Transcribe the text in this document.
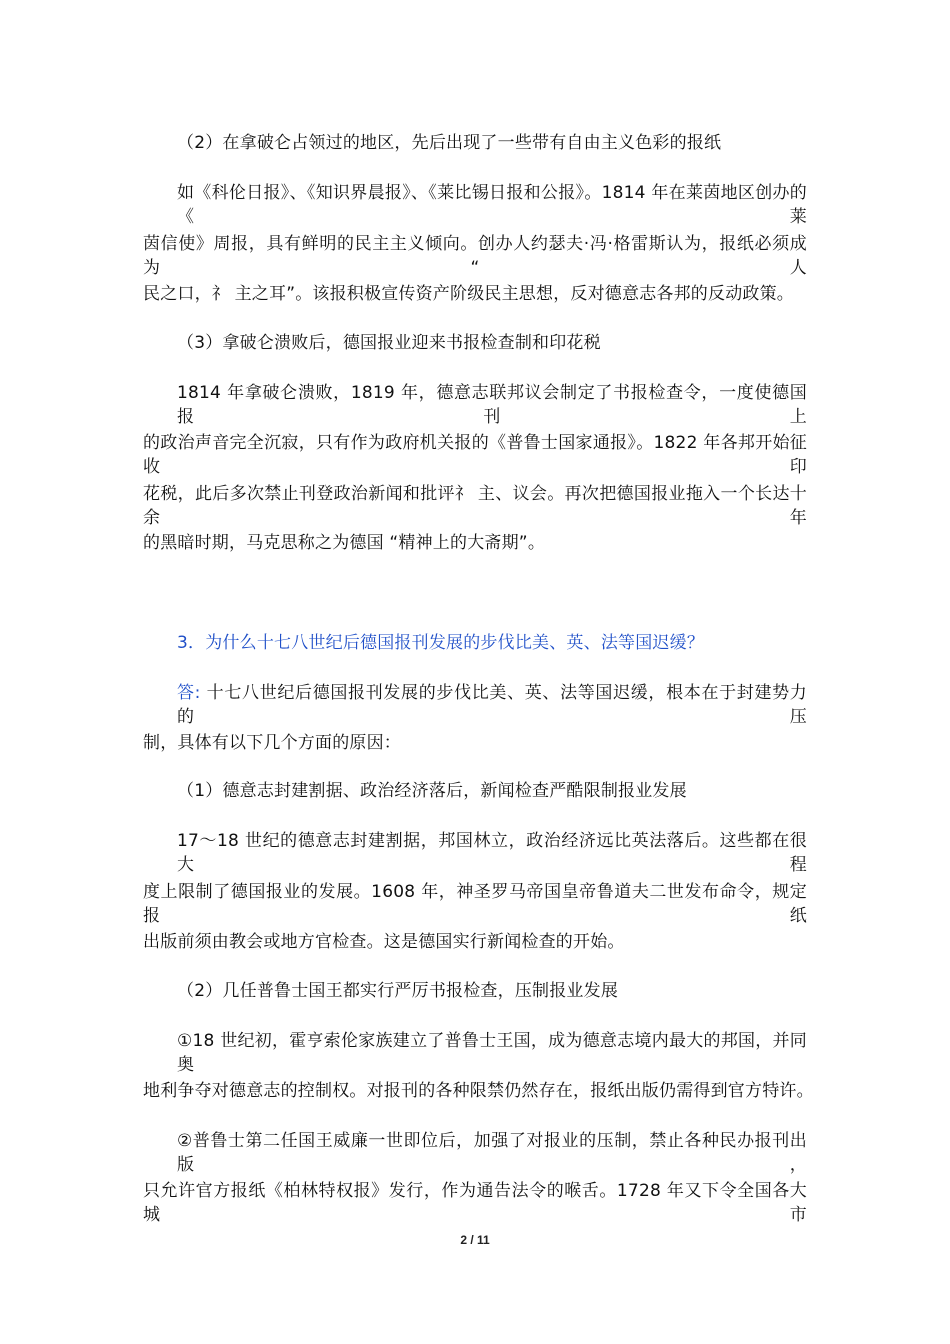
（2）在拿破仑占领过的地区，先后出现了一些带有自由主义色彩的报纸
如《科伦日报》、《知识界晨报》、《莱比锡日报和公报》。1814 年在莱茵地区创办的《莱
茵信使》周报，具有鲜明的民主主义倾向。创办人约瑟夫·冯·格雷斯认为，报纸必须成为“人
民之口，礻 主之耳”。该报积极宣传资产阶级民主思想，反对德意志各邦的反动政策。
（3）拿破仑溃败后，德国报业迎来书报检查制和印花税
1814 年拿破仑溃败，1819 年，德意志联邦议会制定了书报检查令，一度使德国报刊上
的政治声音完全沉寂，只有作为政府机关报的《普鲁士国家通报》。1822 年各邦开始征收印
花税，此后多次禁止刊登政治新闻和批评礻 主、议会。再次把德国报业拖入一个长达十余年
的黑暗时期，马克思称之为德国 “精神上的大斋期”。
3．为什么十七八世纪后德国报刊发展的步伐比美、英、法等国迟缓？
答: 十七八世纪后德国报刊发展的步伐比美、英、法等国迟缓，根本在于封建势力的压
制，具体有以下几个方面的原因：
（1）德意志封建割据、政治经济落后，新闻检查严酷限制报业发展
17～18 世纪的德意志封建割据，邦国林立，政治经济远比英法落后。这些都在很大程
度上限制了德国报业的发展。1608 年，神圣罗马帝国皇帝鲁道夫二世发布命令，规定报纸
出版前须由教会或地方官检查。这是德国实行新闻检查的开始。
（2）几任普鲁士国王都实行严厉书报检查，压制报业发展
①18 世纪初，霍亨索伦家族建立了普鲁士王国，成为德意志境内最大的邦国，并同奥
地利争夺对德意志的控制权。对报刊的各种限禁仍然存在，报纸出版仍需得到官方特许。
②普鲁士第二任国王威廉一世即位后，加强了对报业的压制，禁止各种民办报刊出版，
只允许官方报纸《柏林特权报》发行，作为通告法令的喉舌。1728 年又下令全国各大城市
2 / 11
